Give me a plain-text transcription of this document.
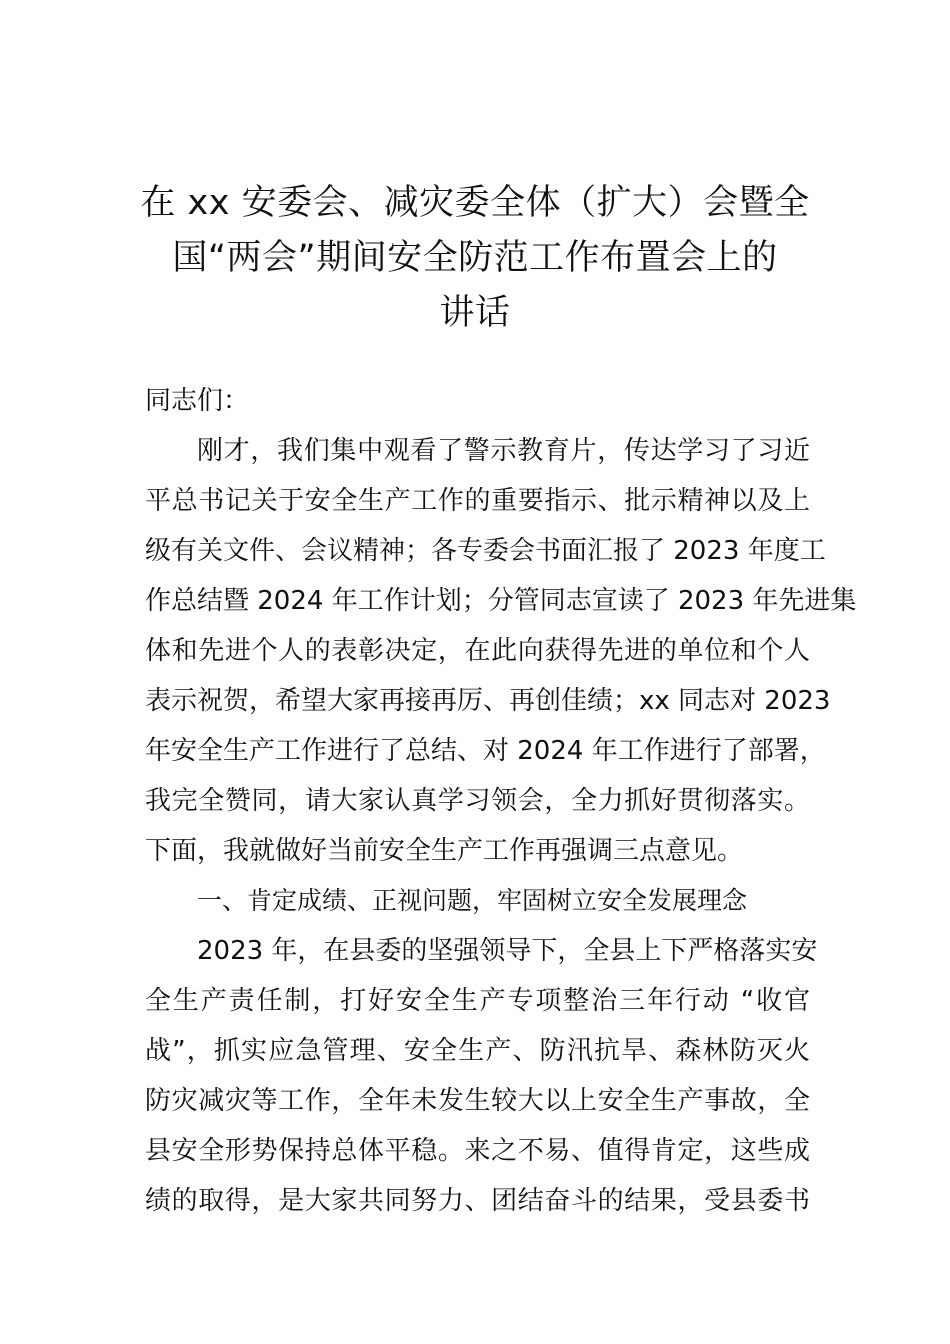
在 xx 安委会、减灾委全体（扩大）会暨全
国“两会”期间安全防范工作布置会上的
讲话
同志们：
刚才，我们集中观看了警示教育片，传达学习了习近
平总书记关于安全生产工作的重要指示、批示精神以及上
级有关文件、会议精神；各专委会书面汇报了 2023 年度工
作总结暨 2024 年工作计划；分管同志宣读了 2023 年先进集
体和先进个人的表彰决定，在此向获得先进的单位和个人
表示祝贺，希望大家再接再厉、再创佳绩；xx 同志对 2023
年安全生产工作进行了总结、对 2024 年工作进行了部署，
我完全赞同，请大家认真学习领会，全力抓好贯彻落实。
下面，我就做好当前安全生产工作再强调三点意见。
一、肯定成绩、正视问题，牢固树立安全发展理念
2023 年，在县委的坚强领导下，全县上下严格落实安
全生产责任制，打好安全生产专项整治三年行动 “收官
战”，抓实应急管理、安全生产、防汛抗旱、森林防灭火
防灾减灾等工作，全年未发生较大以上安全生产事故，全
县安全形势保持总体平稳。来之不易、值得肯定，这些成
绩的取得，是大家共同努力、团结奋斗的结果，受县委书
